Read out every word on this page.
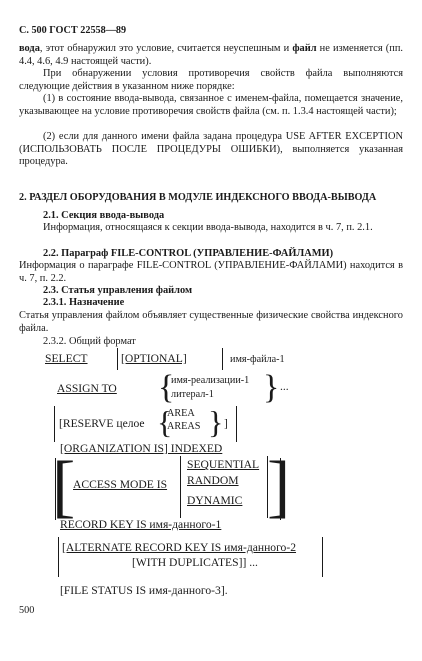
С. 500 ГОСТ 22558—89
вода, этот обнаружил это условие, считается неуспешным и файл не изменяется (пп. 4.4, 4.6, 4.9 настоящей части).
При обнаружении условия противоречия свойств файла выполняются следующие действия в указанном ниже порядке:
(1) в состояние ввода-вывода, связанное с именем-файла, помещается значение, указывающее на условие противоречия свойств файла (см. п. 1.3.4 настоящей части);
(2) если для данного имени файла задана процедура USE AFTER EXCEPTION (ИСПОЛЬЗОВАТЬ ПОСЛЕ ПРОЦЕДУРЫ ОШИБКИ), выполняется указанная процедура.
2. РАЗДЕЛ ОБОРУДОВАНИЯ В МОДУЛЕ ИНДЕКСНОГО ВВОДА-ВЫВОДА
2.1. Секция ввода-вывода
Информация, относящаяся к секции ввода-вывода, находится в ч. 7, п. 2.1.
2.2. Параграф FILE-CONTROL (УПРАВЛЕНИЕ-ФАЙЛАМИ)
Информация о параграфе FILE-CONTROL (УПРАВЛЕНИЕ-ФАЙЛАМИ) находится в ч. 7, п. 2.2.
2.3. Статья управления файлом
2.3.1. Назначение
Статья управления файлом объявляет существенные физические свойства индексного файла.
2.3.2. Общий формат
SELECT	[OPTIONAL]	имя-файла-1
ASSIGN TO {
имя-реализации-1
литерал-1 } ...
[RESERVE целое {
AREA
AREAS } ]
[ORGANIZATION IS] INDEXED
[
ACCESS MODE IS
SEQUENTIAL
RANDOM
DYNAMIC ]
RECORD KEY IS имя-данного-1
[ALTERNATE RECORD KEY IS имя-данного-2
[WITH DUPLICATES]] ...
[FILE STATUS IS имя-данного-3].
500
